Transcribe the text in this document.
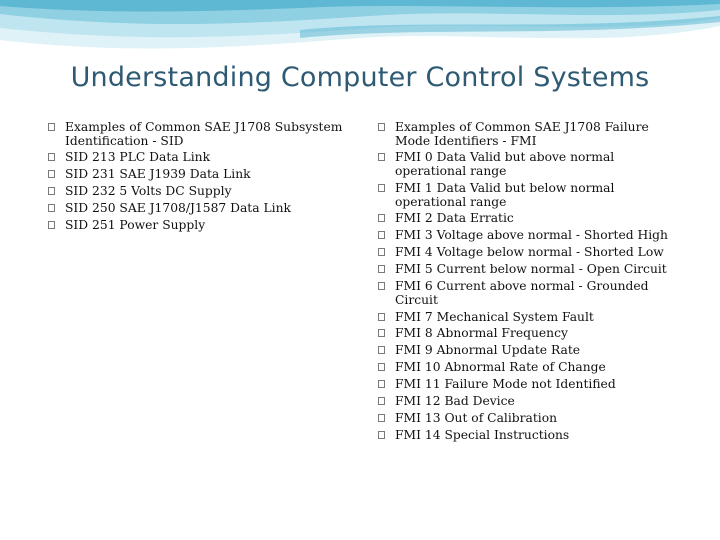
Understanding Computer Control Systems
Examples of Common SAE J1708 Subsystem Identification - SID
SID 213 PLC Data Link
SID 231 SAE J1939 Data Link
SID 232 5 Volts DC Supply
SID 250 SAE J1708/J1587 Data Link
SID 251 Power Supply
Examples of Common SAE J1708 Failure Mode Identifiers - FMI
FMI 0 Data Valid but above normal operational range
FMI 1 Data Valid but below normal operational range
FMI 2 Data Erratic
FMI 3 Voltage above normal - Shorted High
FMI 4 Voltage below normal - Shorted Low
FMI 5 Current below normal - Open Circuit
FMI 6 Current above normal - Grounded Circuit
FMI 7 Mechanical System Fault
FMI 8 Abnormal Frequency
FMI 9 Abnormal Update Rate
FMI 10 Abnormal Rate of Change
FMI 11 Failure Mode not Identified
FMI 12 Bad Device
FMI 13 Out of Calibration
FMI 14 Special Instructions
